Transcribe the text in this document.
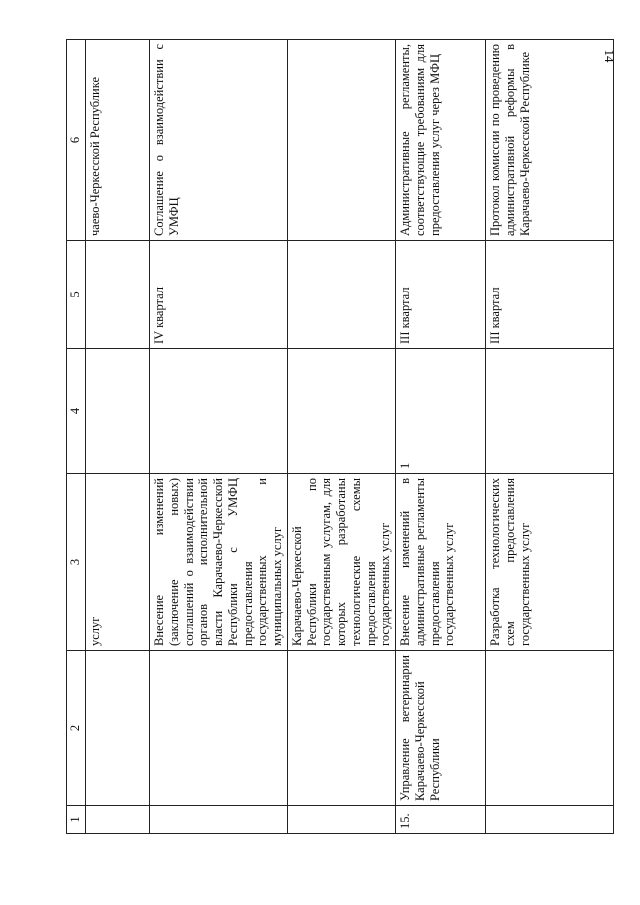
14
1	2	3	4	5	6
		услуг			чаево-Черкесской Республике
		Внесение изменений (заключение новых) соглашений о взаимодействии органов исполнительной власти Карачаево-Черкесской Республики с УМФЦ предоставления государственных и муниципальных услуг		IV квартал	Соглашение о взаимодействии с УМФЦ
		Карачаево-Черкесской Республики по государственным услугам, для которых разработаны технологические схемы предоставления государственных услуг			
15.	Управление ветеринарии Карачаево-Черкесской Республики	Внесение изменений в административные регламенты предоставления государственных услуг	1	III квартал	Административные регламенты, соответствующие требованиям для предоставления услуг через МФЦ
		Разработка технологических схем предоставления государственных услуг		III квартал	Протокол комиссии по проведению административной реформы в Карачаево-Черкесской Республике
